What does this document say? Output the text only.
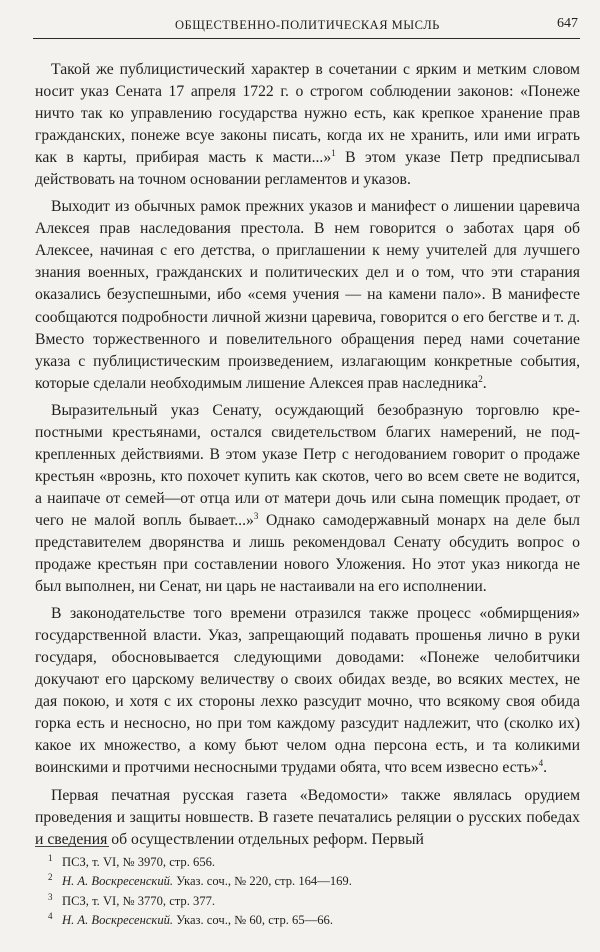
ОБЩЕСТВЕННО-ПОЛИТИЧЕСКАЯ МЫСЛЬ	647

Такой же публицистический характер в сочетании с ярким и метким словом носит указ Сената 17 апреля 1722 г. о строгом соблюдении законов: «Понеже ничто так ко управлению государства нужно есть, как крепкое хранение прав гражданских, понеже всуе законы писать, когда их не хранить, или ими играть как в карты, прибирая масть к масти...»$^1$ В этом указе Петр предписывал действовать на точном основании регламентов и указов.

Выходит из обычных рамок прежних указов и манифест о лишении царевича Алексея прав наследования престола. В нем говорится о заботах царя об Алексее, начиная с его детства, о приглашении к нему учителей для лучшего знания военных, гражданских и политических дел и о том, что эти старания оказались безуспешными, ибо «семя учения — на камени пало». В манифесте сообщаются подробности личной жизни царевича, говорится о его бегстве и т. д. Вместо торжественного и повелительного обращения перед нами сочетание указа с публицистическим произведением, излагающим конкретные события, которые сделали необходимым лишение Алексея прав наследника$^2$.

Выразительный указ Сенату, осуждающий безобразную торговлю крепостными крестьянами, остался свидетельством благих намерений, не подкрепленных действиями. В этом указе Петр с негодованием говорит о продаже крестьян «врознь, кто похочет купить как скотов, чего во всем свете не водится, а наипаче от семей—от отца или от матери дочь или сына помещик продает, от чего не малой вопль бывает...»$^3$ Однако самодержавный монарх на деле был представителем дворянства и лишь рекомендовал Сенату обсудить вопрос о продаже крестьян при составлении нового Уложения. Но этот указ никогда не был выполнен, ни Сенат, ни царь не настаивали на его исполнении.

В законодательстве того времени отразился также процесс «обмирщения» государственной власти. Указ, запрещающий подавать прошенья лично в руки государя, обосновывается следующими доводами: «Понеже челобитчики докучают его царскому величеству о своих обидах везде, во всяких местех, не дая покою, и хотя с их стороны лехко разсудит мочно, что всякому своя обида горка есть и несносно, но при том каждому разсудит надлежит, что (сколко их) какое их множество, а кому бьют челом одна персона есть, и та коликими воинскими и протчими несносными трудами обята, что всем извесно есть»$^4$.

Первая печатная русская газета «Ведомости» также являлась орудием проведения и защиты новшеств. В газете печатались реляции о русских победах и сведения об осуществлении отдельных реформ. Первый

1 ПСЗ, т. VI, № 3970, стр. 656.
2 Н. А. Воскресенский. Указ. соч., № 220, стр. 164—169.
3 ПСЗ, т. VI, № 3770, стр. 377.
4 Н. А. Воскресенский. Указ. соч., № 60, стр. 65—66.
